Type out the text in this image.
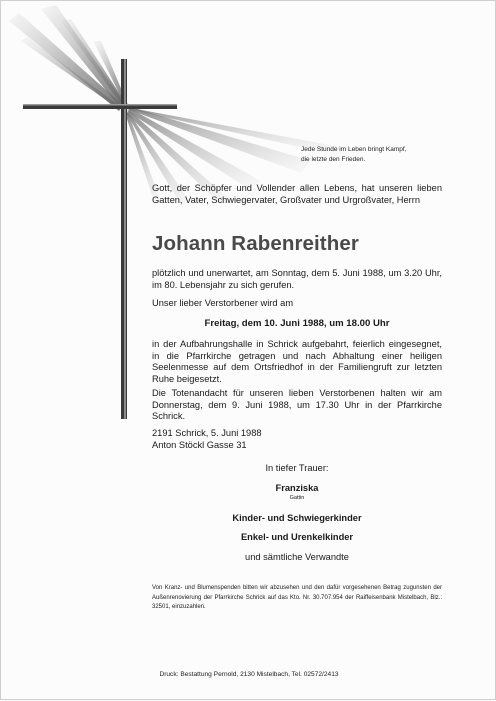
Jede Stunde im Leben bringt Kampf,
die letzte den Frieden.
Gott, der Schöpfer und Vollender allen Lebens, hat unseren lieben Gatten, Vater, Schwiegervater, Großvater und Urgroßvater, Herrn
Johann Rabenreither
plötzlich und unerwartet, am Sonntag, dem 5. Juni 1988, um 3.20 Uhr, im 80. Lebensjahr zu sich gerufen.
Unser lieber Verstorbener wird am
Freitag, dem 10. Juni 1988, um 18.00 Uhr
in der Aufbahrungshalle in Schrick aufgebahrt, feierlich eingesegnet, in die Pfarrkirche getragen und nach Abhaltung einer heiligen Seelenmesse auf dem Ortsfriedhof in der Familiengruft zur letzten Ruhe beigesetzt.
Die Totenandacht für unseren lieben Verstorbenen halten wir am Donnerstag, dem 9. Juni 1988, um 17.30 Uhr in der Pfarrkirche Schrick.
2191 Schrick, 5. Juni 1988
Anton Stöckl Gasse 31
In tiefer Trauer:
Franziska
Gattin
Kinder- und Schwiegerkinder
Enkel- und Urenkelkinder
und sämtliche Verwandte
Von Kranz- und Blumenspenden bitten wir abzusehen und den dafür vorgesehenen Betrag zugunsten der Außenrenovierung der Pfarrkirche Schrick auf das Kto. Nr. 30.707.954 der Raiffeisenbank Mistelbach, Blz.: 32501, einzuzahlen.
Druck: Bestattung Pernold, 2130 Mistelbach, Tel. 02572/2413
